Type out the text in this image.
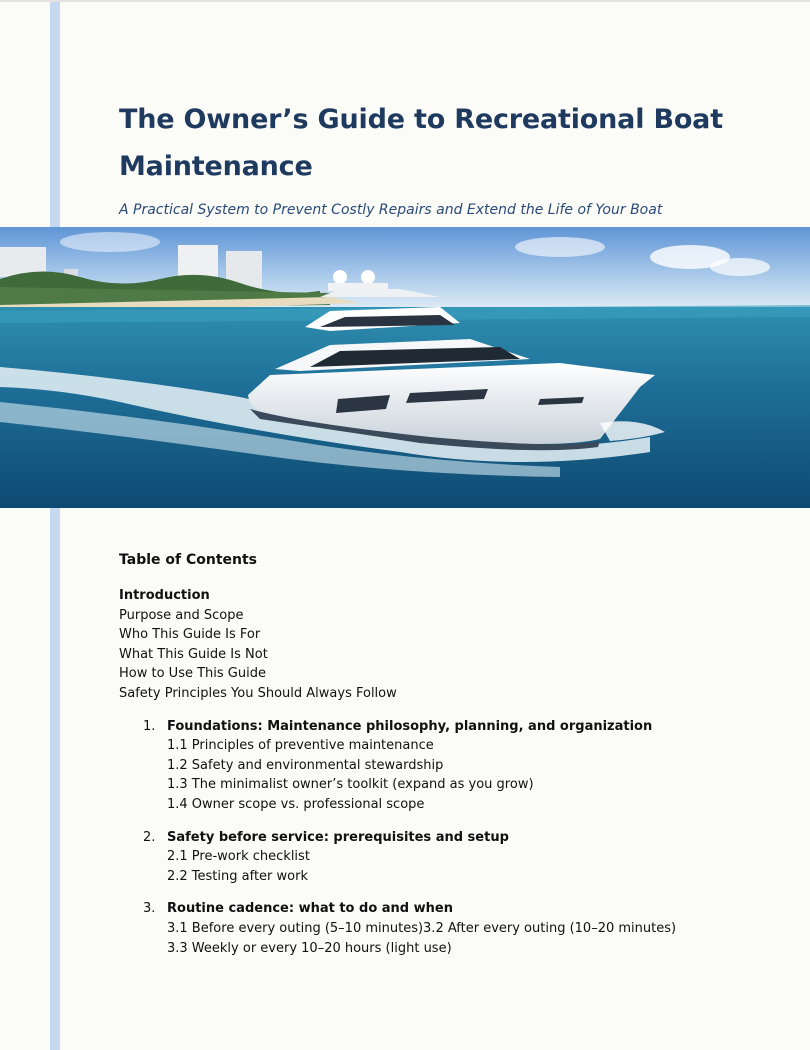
The Owner’s Guide to Recreational Boat Maintenance

A Practical System to Prevent Costly Repairs and Extend the Life of Your Boat

Table of Contents
Introduction
Purpose and Scope
Who This Guide Is For
What This Guide Is Not
How to Use This Guide
Safety Principles You Should Always Follow
1. Foundations: Maintenance philosophy, planning, and organization
1.1 Principles of preventive maintenance
1.2 Safety and environmental stewardship
1.3 The minimalist owner’s toolkit (expand as you grow)
1.4 Owner scope vs. professional scope
2. Safety before service: prerequisites and setup
2.1 Pre-work checklist
2.2 Testing after work
3. Routine cadence: what to do and when
3.1 Before every outing (5–10 minutes)3.2 After every outing (10–20 minutes)
3.3 Weekly or every 10–20 hours (light use)
